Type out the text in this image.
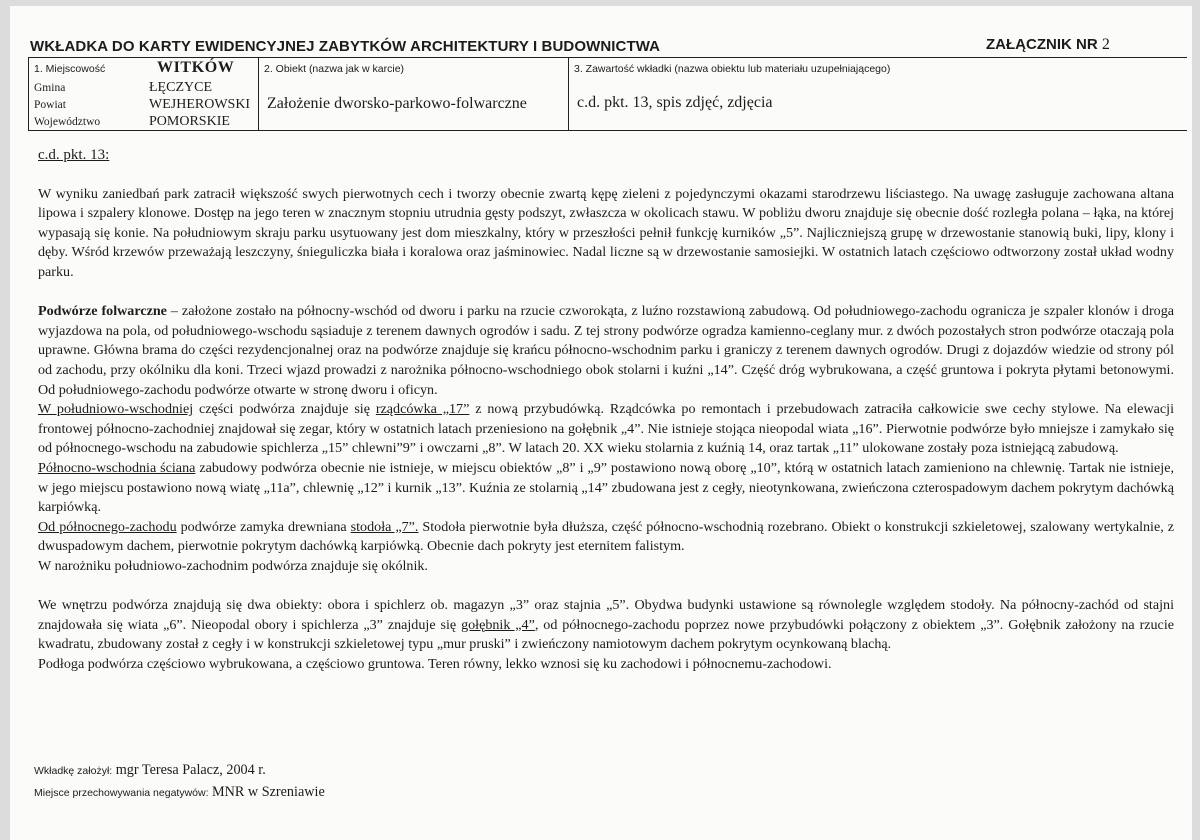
WKŁADKA DO KARTY EWIDENCYJNEJ ZABYTKÓW ARCHITEKTURY I BUDOWNICTWA	ZAŁĄCZNIK NR 2
1. Miejscowość	WITKÓW
Gmina	ŁĘCZYCE
Powiat	WEJHEROWSKI
Województwo	POMORSKIE
2. Obiekt (nazwa jak w karcie)
Założenie dworsko-parkowo-folwarczne
3. Zawartość wkładki (nazwa obiektu lub materiału uzupełniającego)
c.d. pkt. 13, spis zdjęć, zdjęcia

c.d. pkt. 13:

W wyniku zaniedbań park zatracił większość swych pierwotnych cech i tworzy obecnie zwartą kępę zieleni z pojedynczymi okazami starodrzewu liściastego. Na uwagę zasługuje zachowana altana lipowa i szpalery klonowe. Dostęp na jego teren w znacznym stopniu utrudnia gęsty podszyt, zwłaszcza w okolicach stawu. W pobliżu dworu znajduje się obecnie dość rozległa polana – łąka, na której wypasają się konie. Na południowym skraju parku usytuowany jest dom mieszkalny, który w przeszłości pełnił funkcję kurników „5”. Najliczniejszą grupę w drzewostanie stanowią buki, lipy, klony i dęby. Wśród krzewów przeważają leszczyny, śnieguliczka biała i koralowa oraz jaśminowiec. Nadal liczne są w drzewostanie samosiejki. W ostatnich latach częściowo odtworzony został układ wodny parku.

Podwórze folwarczne – założone zostało na północny-wschód od dworu i parku na rzucie czworokąta, z luźno rozstawioną zabudową. Od południowego-zachodu ogranicza je szpaler klonów i droga wyjazdowa na pola, od południowego-wschodu sąsiaduje z terenem dawnych ogrodów i sadu. Z tej strony podwórze ogradza kamienno-ceglany mur. z dwóch pozostałych stron podwórze otaczają pola uprawne. Główna brama do części rezydencjonalnej oraz na podwórze znajduje się krańcu północno-wschodnim parku i graniczy z terenem dawnych ogrodów. Drugi z dojazdów wiedzie od strony pól od zachodu, przy okólniku dla koni. Trzeci wjazd prowadzi z narożnika północno-wschodniego obok stolarni i kuźni „14”. Część dróg wybrukowana, a część gruntowa i pokryta płytami betonowymi. Od południowego-zachodu podwórze otwarte w stronę dworu i oficyn.

W południowo-wschodniej części podwórza znajduje się rządcówka „17” z nową przybudówką. Rządcówka po remontach i przebudowach zatraciła całkowicie swe cechy stylowe. Na elewacji frontowej północno-zachodniej znajdował się zegar, który w ostatnich latach przeniesiono na gołębnik „4”. Nie istnieje stojąca nieopodal wiata „16”. Pierwotnie podwórze było mniejsze i zamykało się od północnego-wschodu na zabudowie spichlerza „15” chlewni”9” i owczarni „8”. W latach 20. XX wieku stolarnia z kuźnią 14, oraz tartak „11” ulokowane zostały poza istniejącą zabudową.

Północno-wschodnia ściana zabudowy podwórza obecnie nie istnieje, w miejscu obiektów „8” i „9” postawiono nową oborę „10”, którą w ostatnich latach zamieniono na chlewnię. Tartak nie istnieje, w jego miejscu postawiono nową wiatę „11a”, chlewnię „12” i kurnik „13”. Kuźnia ze stolarnią „14” zbudowana jest z cegły, nieotynkowana, zwieńczona czterospadowym dachem pokrytym dachówką karpiówką.

Od północnego-zachodu podwórze zamyka drewniana stodoła „7”. Stodoła pierwotnie była dłuższa, część północno-wschodnią rozebrano. Obiekt o konstrukcji szkieletowej, szalowany wertykalnie, z dwuspadowym dachem, pierwotnie pokrytym dachówką karpiówką. Obecnie dach pokryty jest eternitem falistym.

W narożniku południowo-zachodnim podwórza znajduje się okólnik.

We wnętrzu podwórza znajdują się dwa obiekty: obora i spichlerz ob. magazyn „3” oraz stajnia „5”. Obydwa budynki ustawione są równolegle względem stodoły. Na północny-zachód od stajni znajdowała się wiata „6”. Nieopodal obory i spichlerza „3” znajduje się gołębnik „4”, od północnego-zachodu poprzez nowe przybudówki połączony z obiektem „3”. Gołębnik założony na rzucie kwadratu, zbudowany został z cegły i w konstrukcji szkieletowej typu „mur pruski” i zwieńczony namiotowym dachem pokrytym ocynkowaną blachą.

Podłoga podwórza częściowo wybrukowana, a częściowo gruntowa. Teren równy, lekko wznosi się ku zachodowi i północnemu-zachodowi.

Wkładkę założył: mgr Teresa Palacz, 2004 r.
Miejsce przechowywania negatywów: MNR w Szreniawie
